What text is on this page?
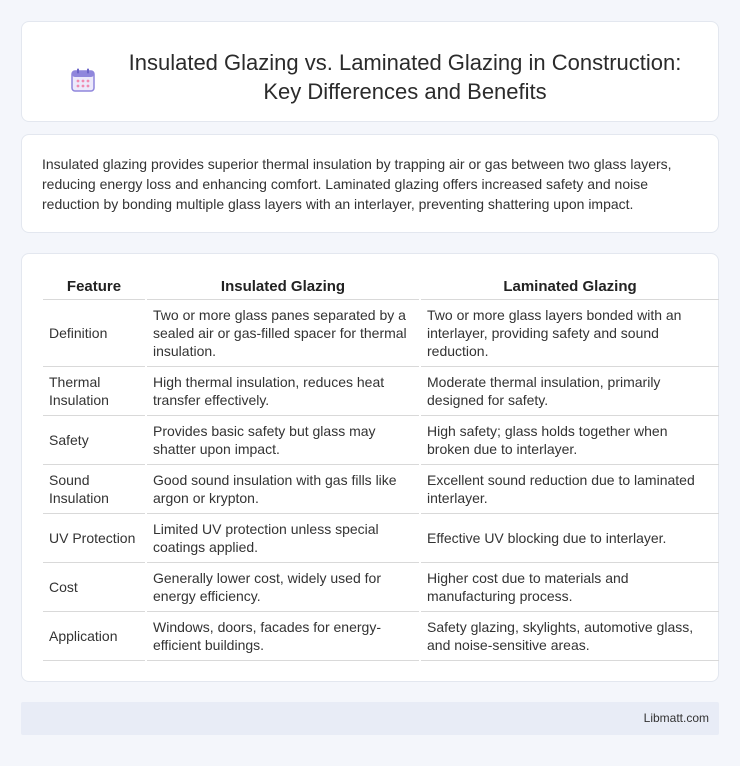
Insulated Glazing vs. Laminated Glazing in Construction: Key Differences and Benefits

Insulated glazing provides superior thermal insulation by trapping air or gas between two glass layers, reducing energy loss and enhancing comfort. Laminated glazing offers increased safety and noise reduction by bonding multiple glass layers with an interlayer, preventing shattering upon impact.

Feature	Insulated Glazing	Laminated Glazing
Definition	Two or more glass panes separated by a sealed air or gas-filled spacer for thermal insulation.	Two or more glass layers bonded with an interlayer, providing safety and sound reduction.
Thermal Insulation	High thermal insulation, reduces heat transfer effectively.	Moderate thermal insulation, primarily designed for safety.
Safety	Provides basic safety but glass may shatter upon impact.	High safety; glass holds together when broken due to interlayer.
Sound Insulation	Good sound insulation with gas fills like argon or krypton.	Excellent sound reduction due to laminated interlayer.
UV Protection	Limited UV protection unless special coatings applied.	Effective UV blocking due to interlayer.
Cost	Generally lower cost, widely used for energy efficiency.	Higher cost due to materials and manufacturing process.
Application	Windows, doors, facades for energy-efficient buildings.	Safety glazing, skylights, automotive glass, and noise-sensitive areas.
Libmatt.com
